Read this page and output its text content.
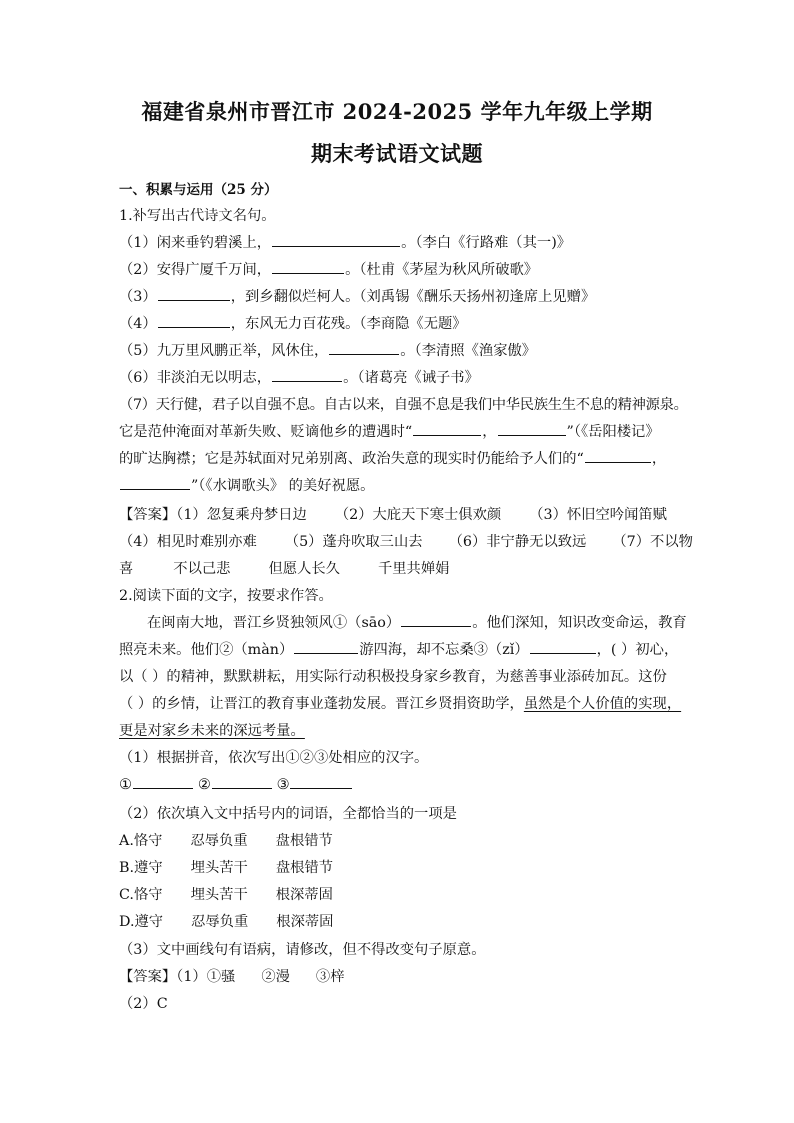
福建省泉州市晋江市 2024-2025 学年九年级上学期
期末考试语文试题
一、积累与运用（25 分）
1.补写出古代诗文名句。
（1）闲来垂钓碧溪上，	。（李白《行路难（其一)》
（2）安得广厦千万间，	。（杜甫《茅屋为秋风所破歌》
（3）	，到乡翻似烂柯人。（刘禹锡《酬乐天扬州初逢席上见赠》
（4）	，东风无力百花残。（李商隐《无题》
（5）九万里风鹏正举，风休住，	。（李清照《渔家傲》
（6）非淡泊无以明志，	。（诸葛亮《诫子书》
（7）天行健，君子以自强不息。自古以来，自强不息是我们中华民族生生不息的精神源泉。
它是范仲淹面对革新失败、贬谪他乡的遭遇时“	，	”（《岳阳楼记》
的旷达胸襟；它是苏轼面对兄弟别离、政治失意的现实时仍能给予人们的“	，
”（《水调歌头》 的美好祝愿。
【答案】（1）忽复乘舟梦日边 （2）大庇天下寒士俱欢颜 （3）怀旧空吟闻笛赋
（4）相见时难别亦难 （5）蓬舟吹取三山去 （6）非宁静无以致远 （7）不以物
喜	不以己悲	但愿人长久	千里共婵娟
2.阅读下面的文字，按要求作答。
在闽南大地，晋江乡贤独领风①（sāo）	。他们深知，知识改变命运，教育
照亮未来。他们②（màn）	游四海，却不忘桑③（zǐ）	，( ）初心，
以（ ）的精神，默默耕耘，用实际行动积极投身家乡教育，为慈善事业添砖加瓦。这份
（ ）的乡情，让晋江的教育事业蓬勃发展。晋江乡贤捐资助学，虽然是个人价值的实现，
更是对家乡未来的深远考量。
（1）根据拼音，依次写出①②③处相应的汉字。
①	②	③
（2）依次填入文中括号内的词语，全都恰当的一项是
A.恪守 忍辱负重 盘根错节
B.遵守 埋头苦干 盘根错节
C.恪守 埋头苦干 根深蒂固
D.遵守 忍辱负重 根深蒂固
（3）文中画线句有语病，请修改，但不得改变句子原意。
【答案】（1）①骚 ②漫 ③梓
（2）C
